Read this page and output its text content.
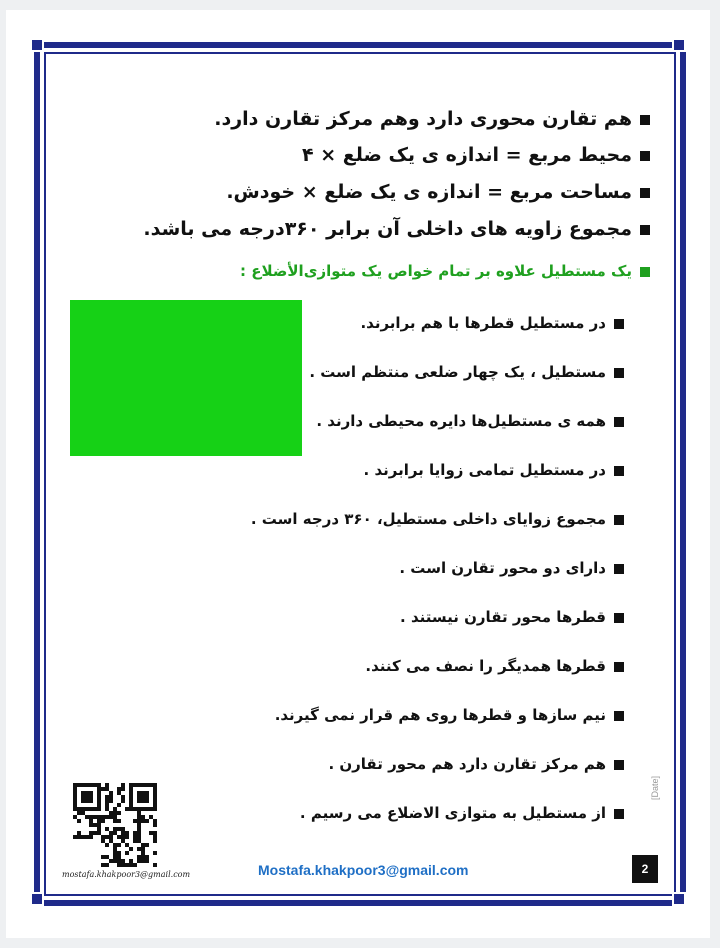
هم تقارن محوری دارد وهم مرکز تقارن دارد.
محیط مربع = اندازه ی یک ضلع × ۴
مساحت مربع = اندازه ی یک ضلع × خودش.
مجموع زاویه های داخلی آن برابر ۳۶۰درجه می باشد.
یک مستطیل علاوه بر تمام خواص یک متوازی‌الأضلاع :
در مستطیل قطرها با هم برابرند.
مستطیل ، یک چهار ضلعی منتظم است .
همه ی مستطیل‌ها دایره محیطی دارند .
در مستطیل تمامی زوایا برابرند .
مجموع زوایای داخلی مستطیل، ۳۶۰ درجه است .
دارای دو محور تقارن است .
قطرها محور تقارن نیستند .
قطرها همدیگر را نصف می کنند.
نیم سازها و قطرها روی هم قرار نمی گیرند.
هم مرکز تقارن دارد هم محور تقارن .
از مستطیل به متوازی الاضلاع می رسیم .
mostafa.khakpoor3@gmail.com	Mostafa.khakpoor3@gmail.com	2
[Date]
